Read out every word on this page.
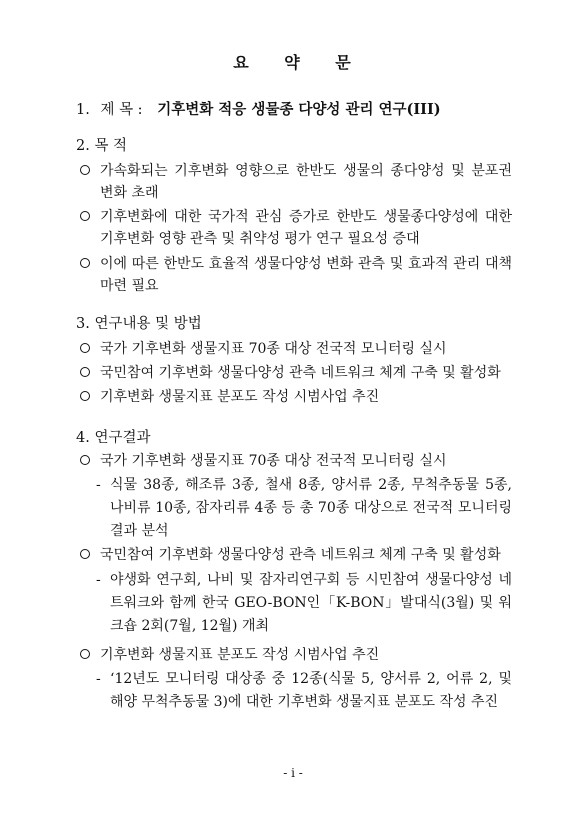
요 약 문
1. 제 목 : 기후변화 적응 생물종 다양성 관리 연구(III)
2. 목 적
가속화되는 기후변화 영향으로 한반도 생물의 종다양성 및 분포권 변화 초래
기후변화에 대한 국가적 관심 증가로 한반도 생물종다양성에 대한 기후변화 영향 관측 및 취약성 평가 연구 필요성 증대
이에 따른 한반도 효율적 생물다양성 변화 관측 및 효과적 관리 대책 마련 필요
3. 연구내용 및 방법
국가 기후변화 생물지표 70종 대상 전국적 모니터링 실시
국민참여 기후변화 생물다양성 관측 네트워크 체계 구축 및 활성화
기후변화 생물지표 분포도 작성 시범사업 추진
4. 연구결과
국가 기후변화 생물지표 70종 대상 전국적 모니터링 실시
- 식물 38종, 해조류 3종, 철새 8종, 양서류 2종, 무척추동물 5종, 나비류 10종, 잠자리류 4종 등 총 70종 대상으로 전국적 모니터링 결과 분석
국민참여 기후변화 생물다양성 관측 네트워크 체계 구축 및 활성화
- 야생화 연구회, 나비 및 잠자리연구회 등 시민참여 생물다양성 네트워크와 함께 한국 GEO-BON인「K-BON」발대식(3월) 및 워크숍 2회(7월, 12월) 개최
기후변화 생물지표 분포도 작성 시범사업 추진
- ‘12년도 모니터링 대상종 중 12종(식물 5, 양서류 2, 어류 2, 및 해양 무척추동물 3)에 대한 기후변화 생물지표 분포도 작성 추진
- i -
